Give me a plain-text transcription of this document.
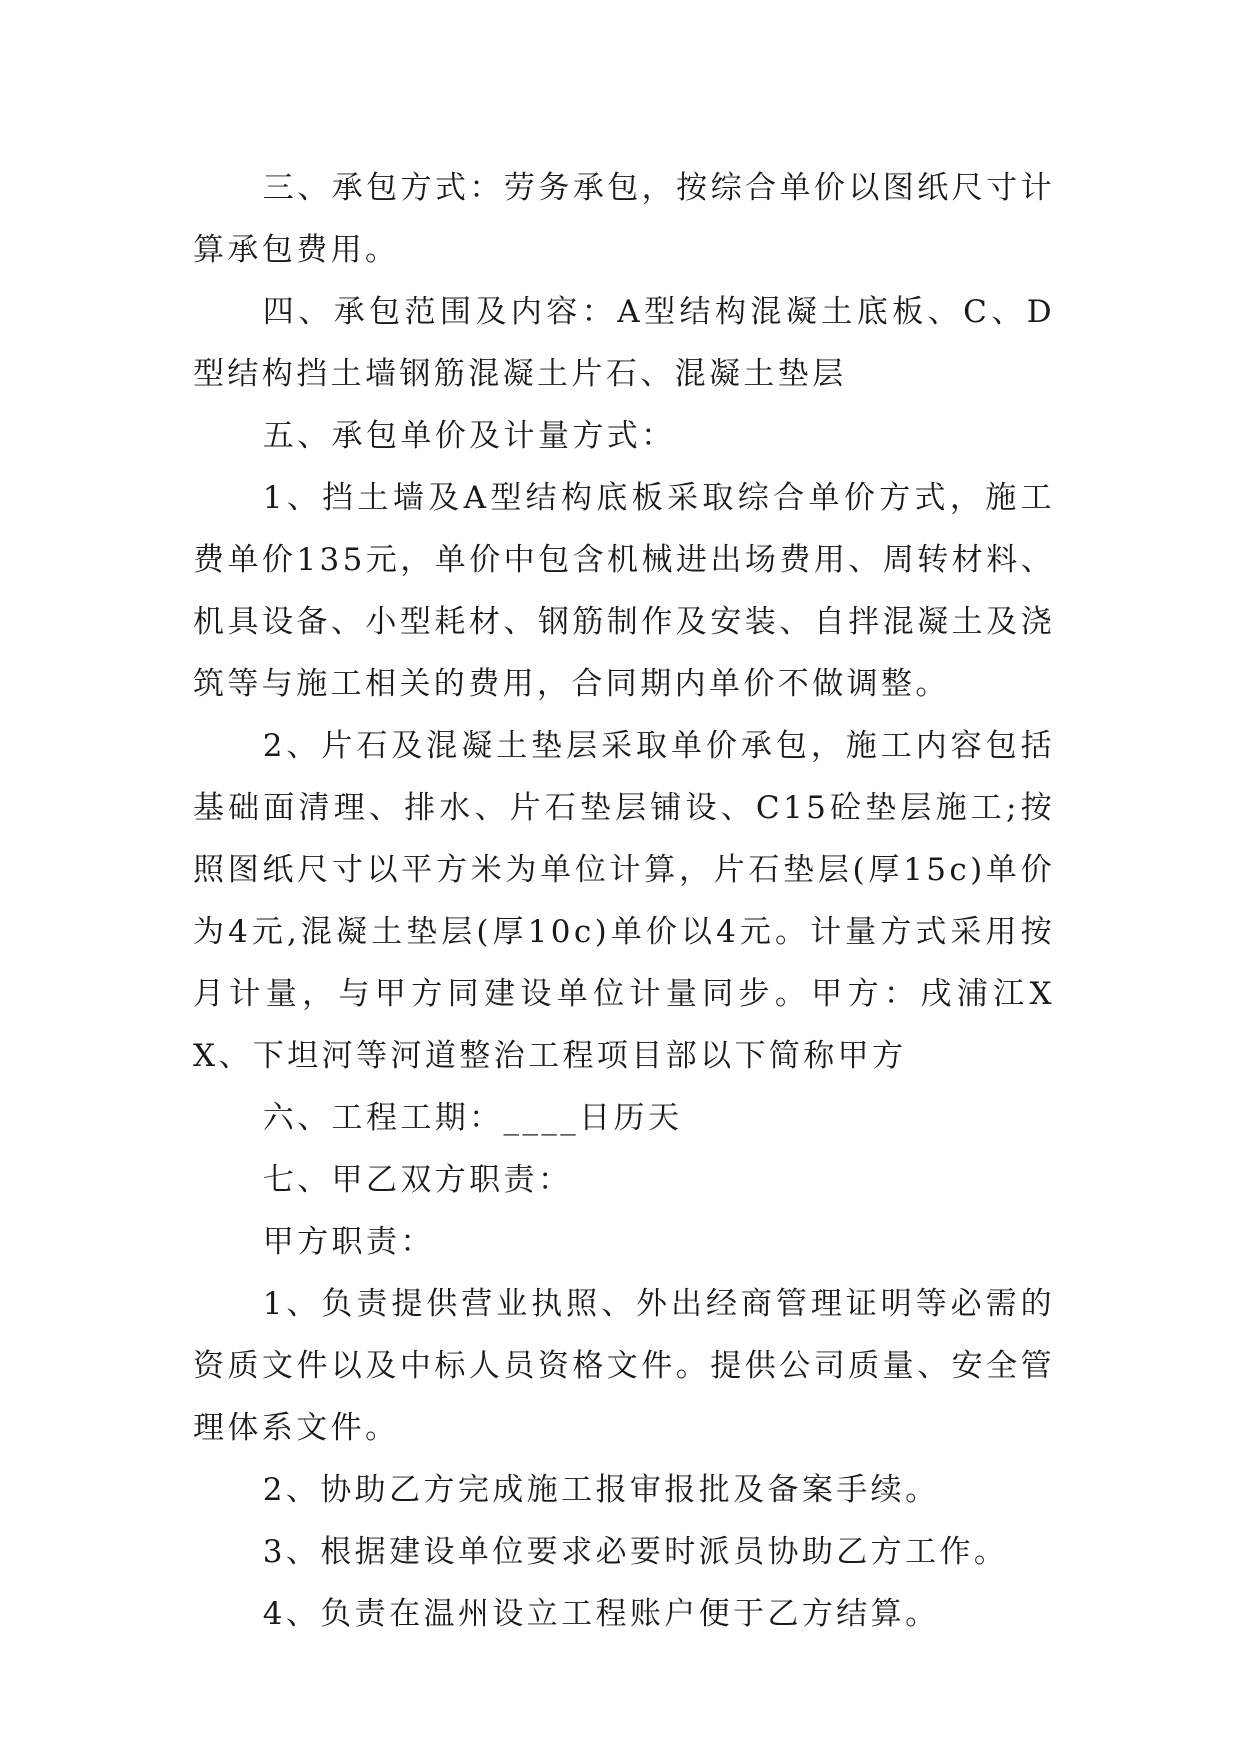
三、承包方式：劳务承包，按综合单价以图纸尺寸计算承包费用。

四、承包范围及内容：A型结构混凝土底板、C、D型结构挡土墙钢筋混凝土片石、混凝土垫层

五、承包单价及计量方式：

1、挡土墙及A型结构底板采取综合单价方式，施工费单价135元，单价中包含机械进出场费用、周转材料、机具设备、小型耗材、钢筋制作及安装、自拌混凝土及浇筑等与施工相关的费用，合同期内单价不做调整。

2、片石及混凝土垫层采取单价承包，施工内容包括基础面清理、排水、片石垫层铺设、C15砼垫层施工;按照图纸尺寸以平方米为单位计算，片石垫层(厚15c)单价为4元,混凝土垫层(厚10c)单价以4元。计量方式采用按月计量，与甲方同建设单位计量同步。甲方：戌浦江XX、下坦河等河道整治工程项目部以下简称甲方

六、工程工期：____日历天

七、甲乙双方职责：

甲方职责：

1、负责提供营业执照、外出经商管理证明等必需的资质文件以及中标人员资格文件。提供公司质量、安全管理体系文件。

2、协助乙方完成施工报审报批及备案手续。

3、根据建设单位要求必要时派员协助乙方工作。

4、负责在温州设立工程账户便于乙方结算。
